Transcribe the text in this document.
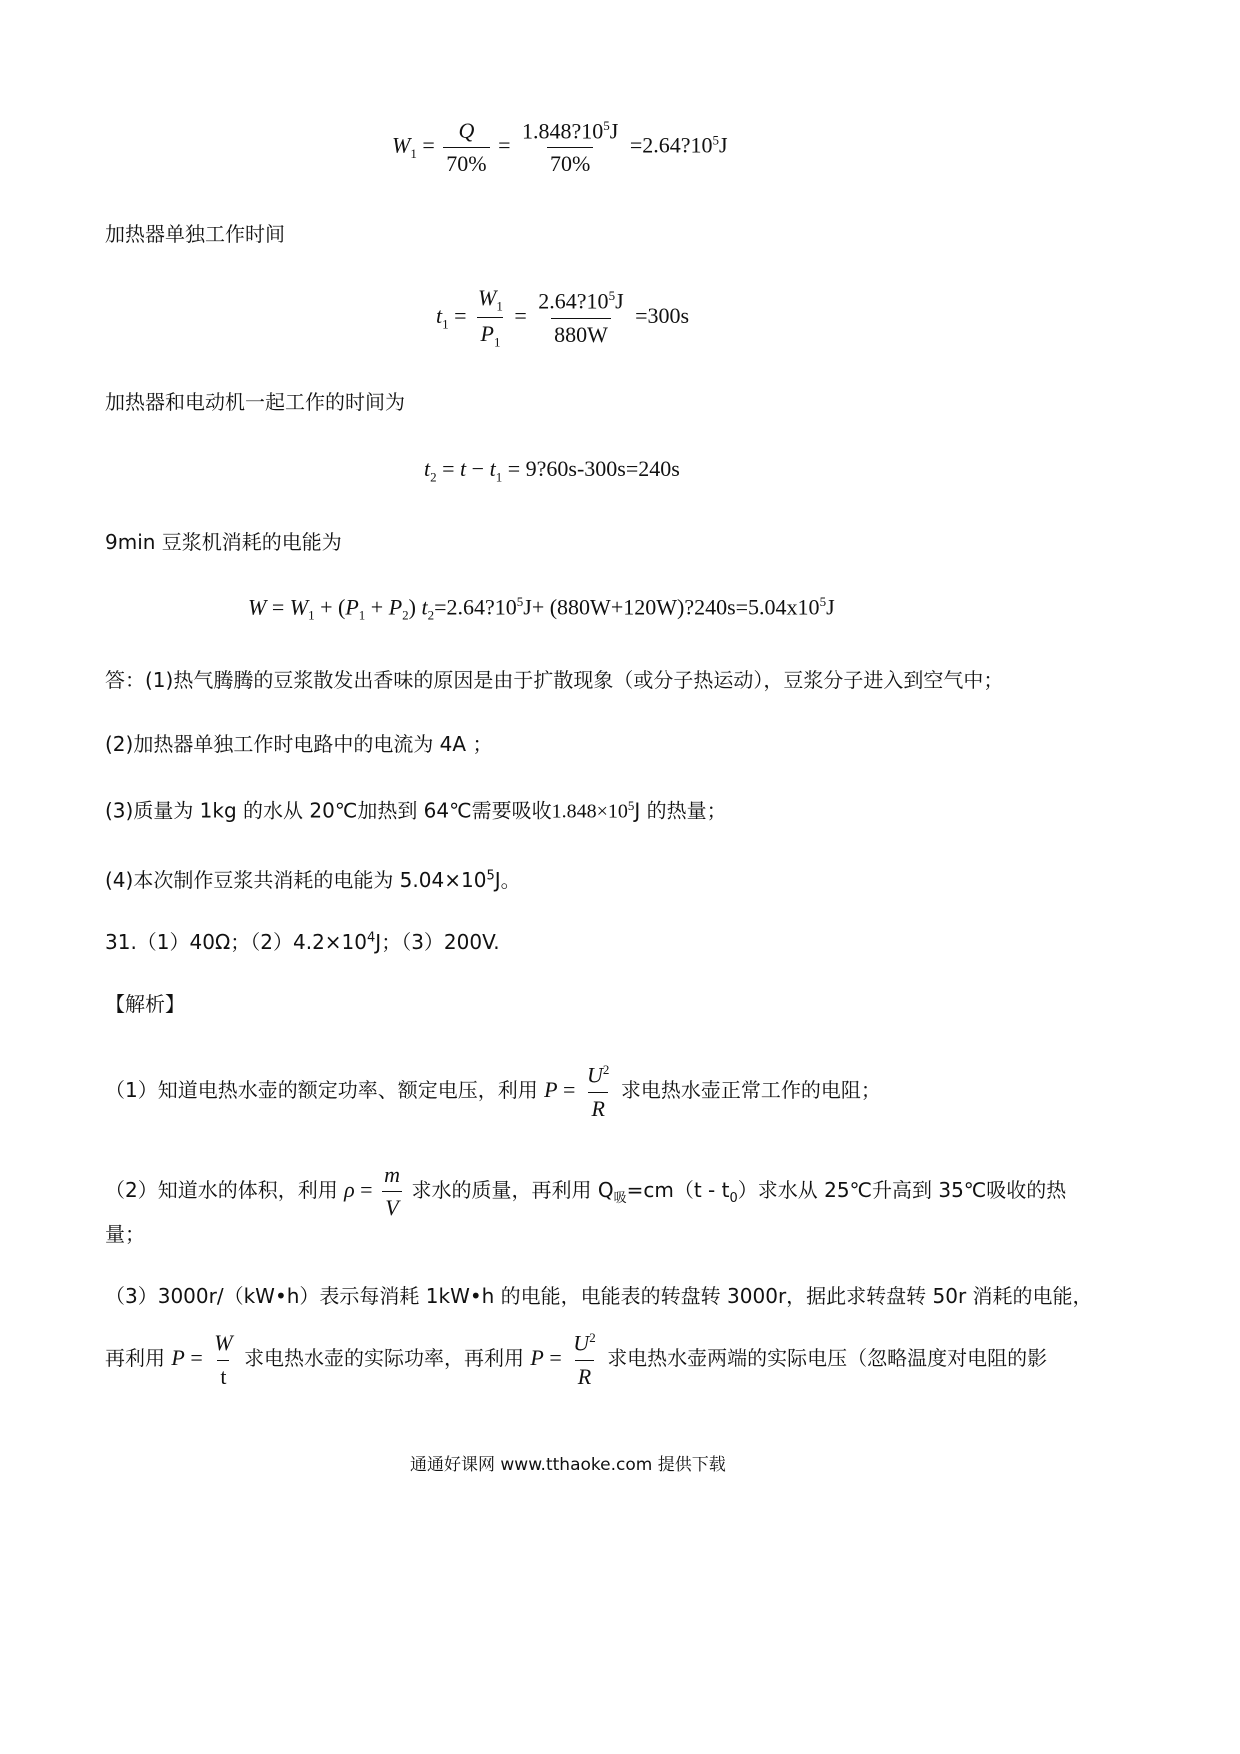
$W_1 = \frac{Q}{70\%} = \frac{1.848?10^5J}{70\%}$ $=2.64?10^5J$
加热器单独工作时间
$t_1 = \frac{W_1}{P_1} = \frac{2.64?10^5J}{880W} =300s$
加热器和电动机一起工作的时间为
$t_2 = t - t_1$ = 9?60s-300s=240s
9min 豆浆机消耗的电能为
$W = W_1 + (P_1 + P_2)$ $t_2=2.64?10^5J+$ $(880W+120W)?240s=5.04x10^5J$
答：(1)热气腾腾的豆浆散发出香味的原因是由于扩散现象（或分子热运动），豆浆分子进入到空气中；
(2)加热器单独工作时电路中的电流为 4A ；
(3)质量为 1kg 的水从 20℃加热到 64℃需要吸收$1.848\times 10^5J$ 的热量；
(4)本次制作豆浆共消耗的电能为 $5.04\times 10^5J$。
31.（1）40Ω；$(2)4.2\times 10^4J$；（3）200V.
【解析】
（1）知道电热水壶的额定功率、额定电压，利用 $P = \frac{U^2}{R}$ 求电热水壶正常工作的电阻；
（2）知道水的体积，利用 $\rho = \frac{m}{V}$ 求水的质量，再利用 $Q_吸=cm(t - t_0)$求水从 25℃升高到 35℃吸收的热
量；
（3）3000r/（kW•h）表示每消耗 1kW•h 的电能，电能表的转盘转 3000r，据此求转盘转 50r 消耗的电能，
再利用 $P = \frac{W}{t}$ 求电热水壶的实际功率，再利用 $P = \frac{U^2}{R}$ 求电热水壶两端的实际电压（忽略温度对电阻的影
通通好课网 www.tthaoke.com 提供下载
